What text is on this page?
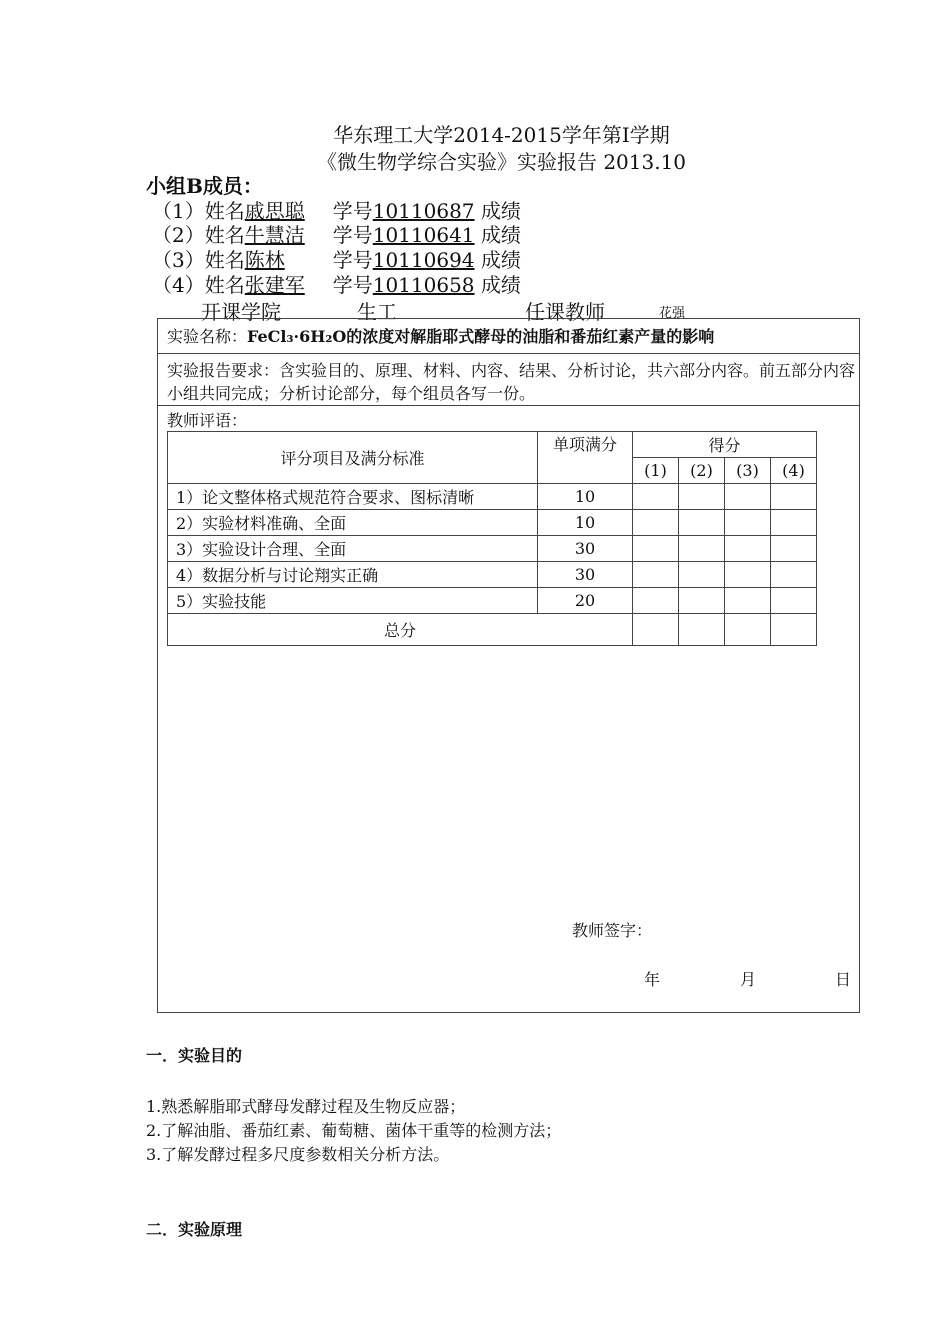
华东理工大学2014-2015学年第Ⅰ学期
《微生物学综合实验》实验报告 2013.10
小组B成员：
（1）姓名戚思聪 学号10110687 成绩
（2）姓名牛慧洁 学号10110641 成绩
（3）姓名陈林 学号10110694 成绩
（4）姓名张建军 学号10110658 成绩
开课学院	生工	任课教师	花强
实验名称：FeCl₃·6H₂O的浓度对解脂耶式酵母的油脂和番茄红素产量的影响
实验报告要求：含实验目的、原理、材料、内容、结果、分析讨论，共六部分内容。前五部分内容小组共同完成；分析讨论部分，每个组员各写一份。
教师评语：
评分项目及满分标准	单项满分	得分			
		(1)	(2)	(3)	(4)
1）论文整体格式规范符合要求、图标清晰	10				
2）实验材料准确、全面	10				
3）实验设计合理、全面	30				
4）数据分析与讨论翔实正确	30				
5）实验技能	20				
总分					
教师签字：
年	月	日
一．实验目的
1.熟悉解脂耶式酵母发酵过程及生物反应器；
2.了解油脂、番茄红素、葡萄糖、菌体干重等的检测方法；
3.了解发酵过程多尺度参数相关分析方法。
二．实验原理
